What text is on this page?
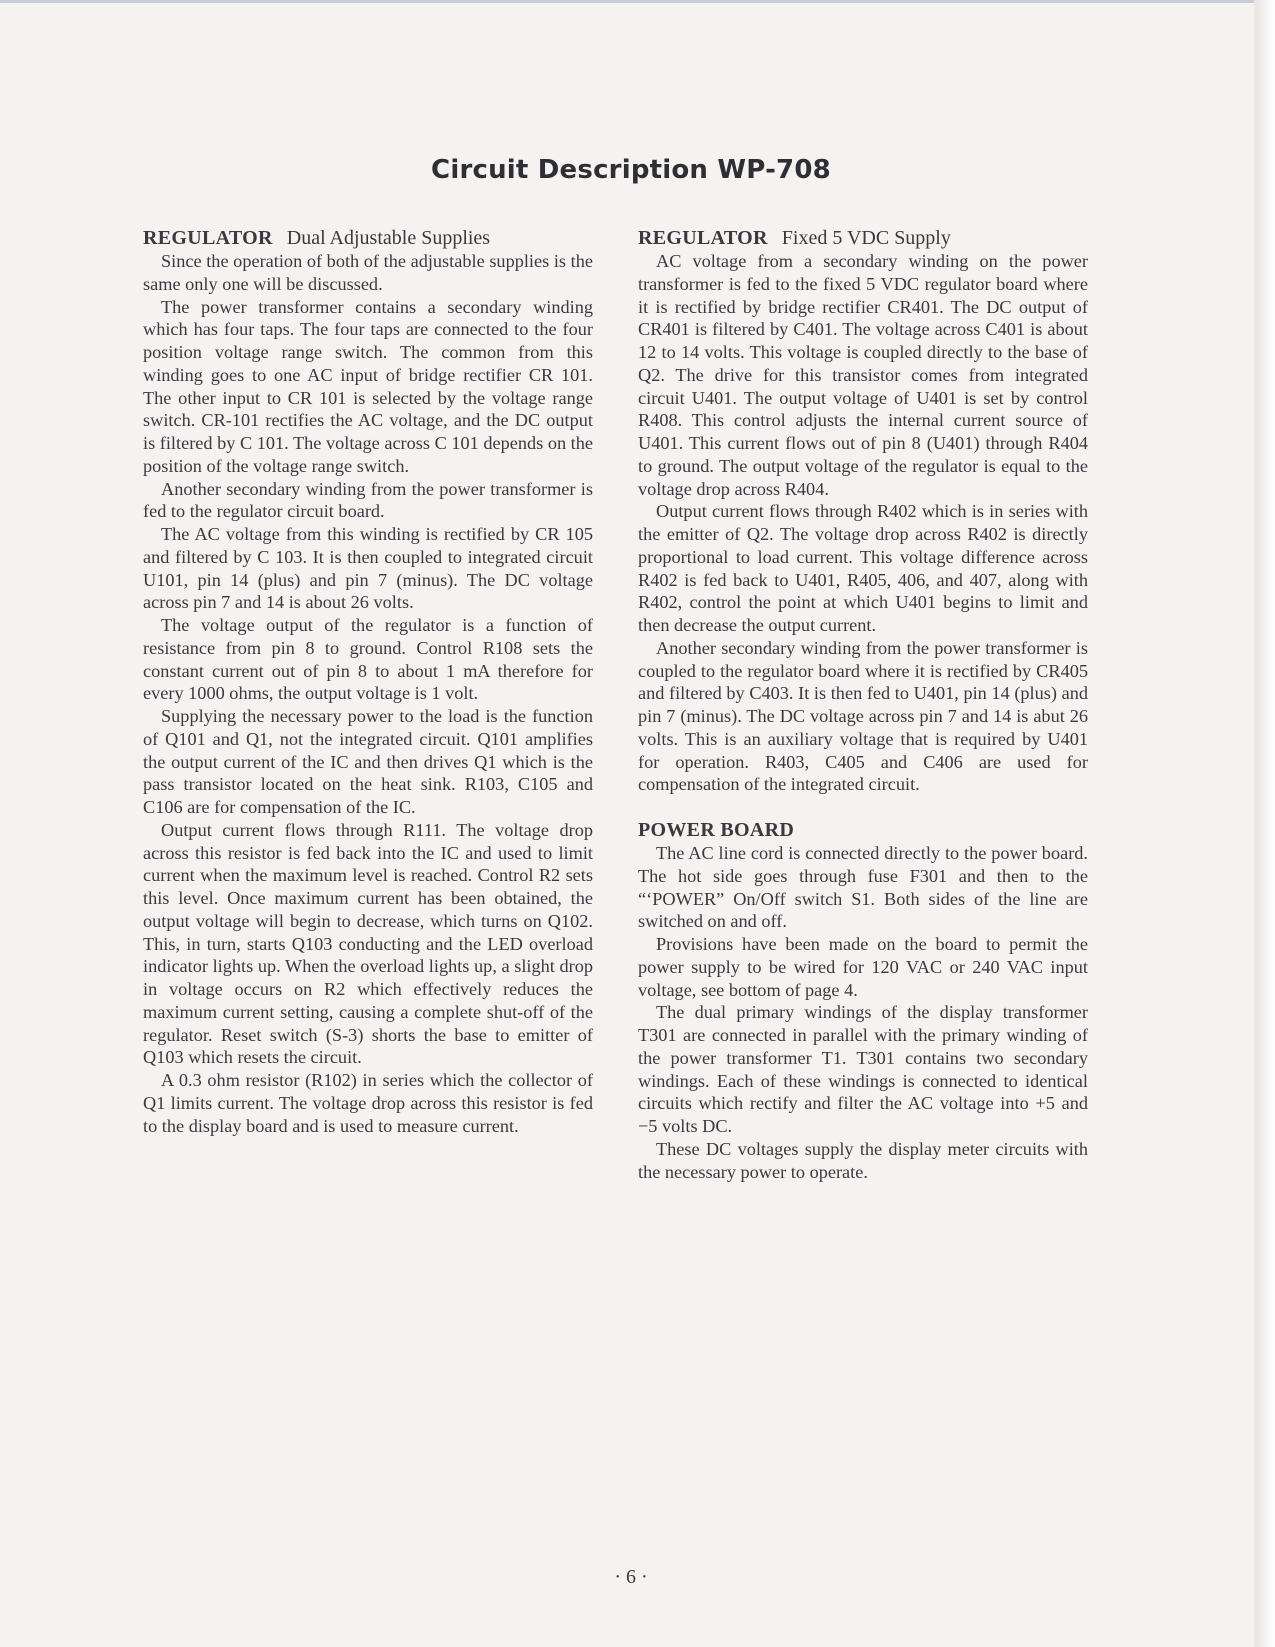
Circuit Description WP-708
REGULATOR Dual Adjustable Supplies

Since the operation of both of the adjustable supplies is the same only one will be discussed.

The power transformer contains a secondary winding which has four taps. The four taps are connected to the four position voltage range switch. The common from this winding goes to one AC input of bridge rectifier CR 101. The other input to CR 101 is selected by the voltage range switch. CR-101 rectifies the AC voltage, and the DC output is filtered by C 101. The voltage across C 101 depends on the position of the voltage range switch.

Another secondary winding from the power transformer is fed to the regulator circuit board.

The AC voltage from this winding is rectified by CR 105 and filtered by C 103. It is then coupled to integrated circuit U101, pin 14 (plus) and pin 7 (minus). The DC voltage across pin 7 and 14 is about 26 volts.

The voltage output of the regulator is a function of resistance from pin 8 to ground. Control R108 sets the constant current out of pin 8 to about 1 mA therefore for every 1000 ohms, the output voltage is 1 volt.

Supplying the necessary power to the load is the function of Q101 and Q1, not the integrated circuit. Q101 amplifies the output current of the IC and then drives Q1 which is the pass transistor located on the heat sink. R103, C105 and C106 are for compensation of the IC.

Output current flows through R111. The voltage drop across this resistor is fed back into the IC and used to limit current when the maximum level is reached. Control R2 sets this level. Once maximum current has been obtained, the output voltage will begin to decrease, which turns on Q102. This, in turn, starts Q103 conducting and the LED overload indicator lights up. When the overload lights up, a slight drop in voltage occurs on R2 which effectively reduces the maximum current setting, causing a complete shut-off of the regulator. Reset switch (S-3) shorts the base to emitter of Q103 which resets the circuit.

A 0.3 ohm resistor (R102) in series which the collector of Q1 limits current. The voltage drop across this resistor is fed to the display board and is used to measure current.

REGULATOR Fixed 5 VDC Supply

AC voltage from a secondary winding on the power transformer is fed to the fixed 5 VDC regulator board where it is rectified by bridge rectifier CR401. The DC output of CR401 is filtered by C401. The voltage across C401 is about 12 to 14 volts. This voltage is coupled directly to the base of Q2. The drive for this transistor comes from integrated circuit U401. The output voltage of U401 is set by control R408. This control adjusts the internal current source of U401. This current flows out of pin 8 (U401) through R404 to ground. The output voltage of the regulator is equal to the voltage drop across R404.

Output current flows through R402 which is in series with the emitter of Q2. The voltage drop across R402 is directly proportional to load current. This voltage difference across R402 is fed back to U401, R405, 406, and 407, along with R402, control the point at which U401 begins to limit and then decrease the output current.

Another secondary winding from the power transformer is coupled to the regulator board where it is rectified by CR405 and filtered by C403. It is then fed to U401, pin 14 (plus) and pin 7 (minus). The DC voltage across pin 7 and 14 is abut 26 volts. This is an auxiliary voltage that is required by U401 for operation. R403, C405 and C406 are used for compensation of the integrated circuit.

POWER BOARD

The AC line cord is connected directly to the power board. The hot side goes through fuse F301 and then to the “‘POWER” On/Off switch S1. Both sides of the line are switched on and off.

Provisions have been made on the board to permit the power supply to be wired for 120 VAC or 240 VAC input voltage, see bottom of page 4.

The dual primary windings of the display transformer T301 are connected in parallel with the primary winding of the power transformer T1. T301 contains two secondary windings. Each of these windings is connected to identical circuits which rectify and filter the AC voltage into +5 and −5 volts DC.

These DC voltages supply the display meter circuits with the necessary power to operate.

· 6 ·
